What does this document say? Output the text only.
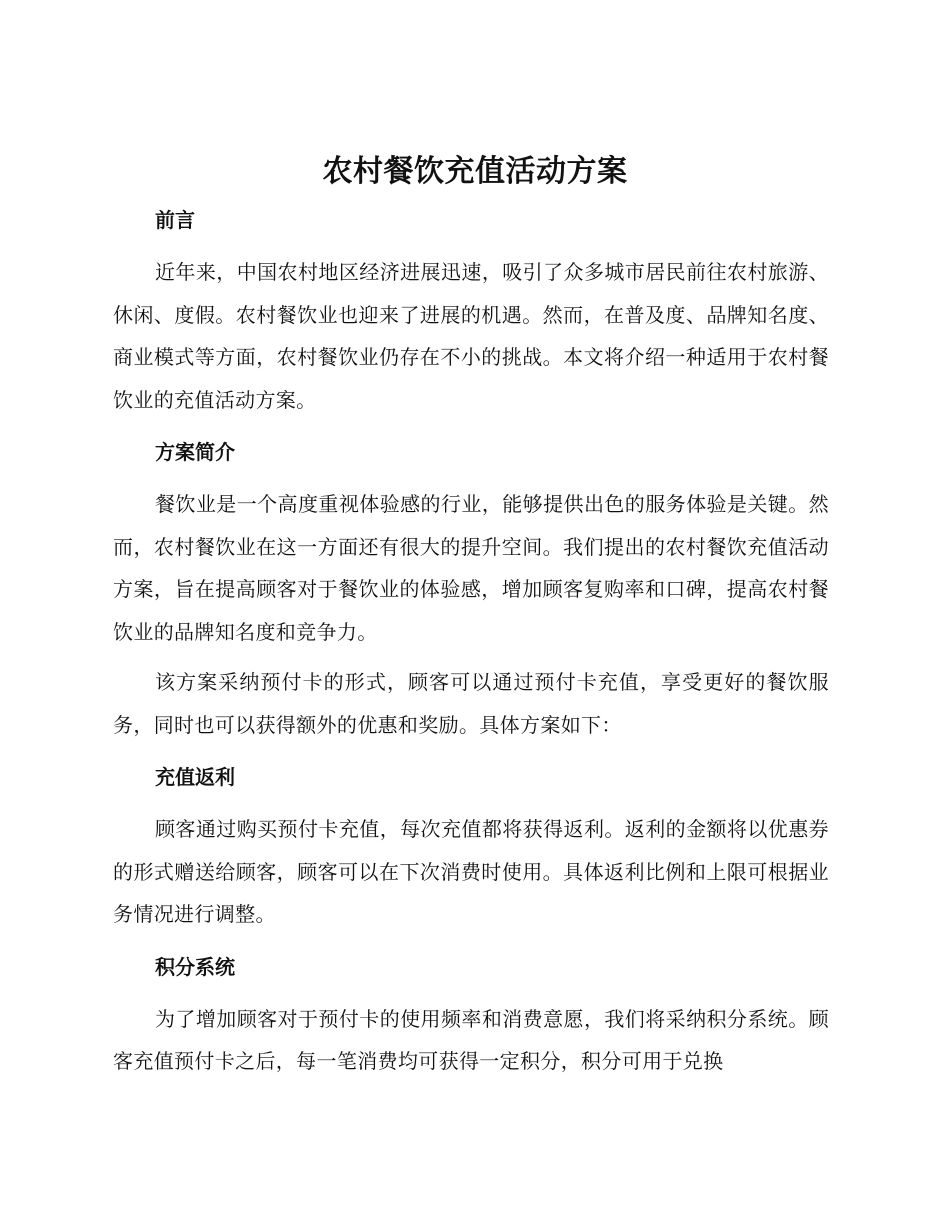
农村餐饮充值活动方案
前言

近年来，中国农村地区经济进展迅速，吸引了众多城市居民前往农村旅游、休闲、度假。农村餐饮业也迎来了进展的机遇。然而，在普及度、品牌知名度、商业模式等方面，农村餐饮业仍存在不小的挑战。本文将介绍一种适用于农村餐饮业的充值活动方案。

方案简介

餐饮业是一个高度重视体验感的行业，能够提供出色的服务体验是关键。然而，农村餐饮业在这一方面还有很大的提升空间。我们提出的农村餐饮充值活动方案，旨在提高顾客对于餐饮业的体验感，增加顾客复购率和口碑，提高农村餐饮业的品牌知名度和竞争力。

该方案采纳预付卡的形式，顾客可以通过预付卡充值，享受更好的餐饮服务，同时也可以获得额外的优惠和奖励。具体方案如下：

充值返利

顾客通过购买预付卡充值，每次充值都将获得返利。返利的金额将以优惠券的形式赠送给顾客，顾客可以在下次消费时使用。具体返利比例和上限可根据业务情况进行调整。

积分系统

为了增加顾客对于预付卡的使用频率和消费意愿，我们将采纳积分系统。顾客充值预付卡之后，每一笔消费均可获得一定积分，积分可用于兑换
